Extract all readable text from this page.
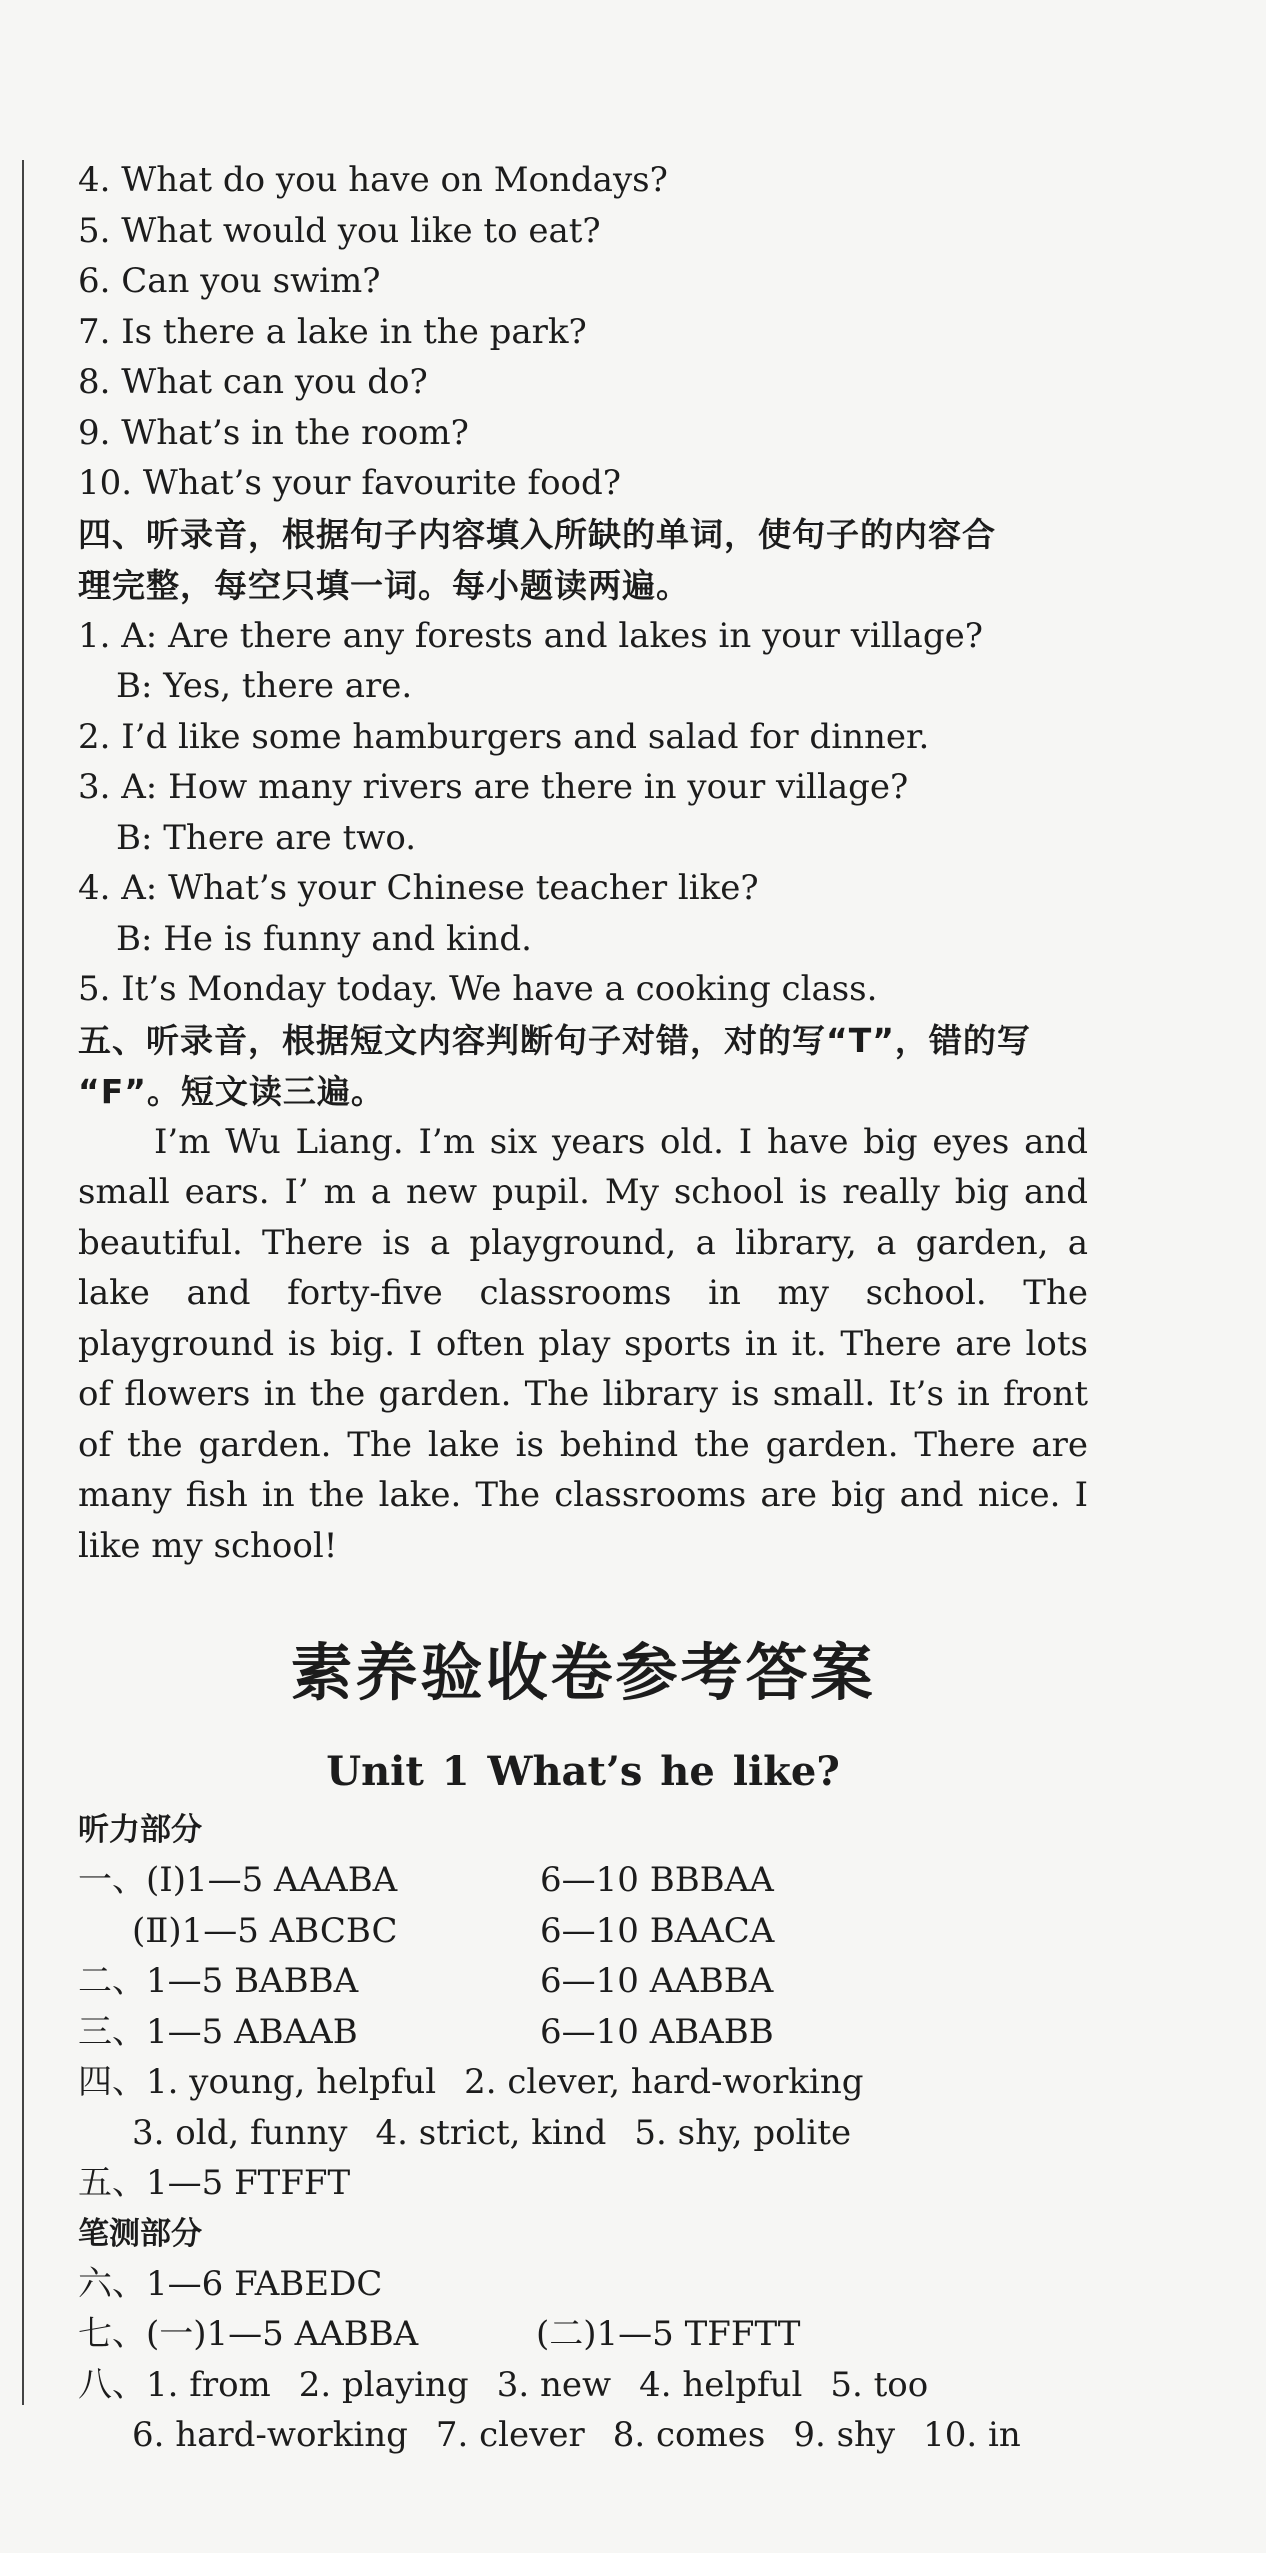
4. What do you have on Mondays?
5. What would you like to eat?
6. Can you swim?
7. Is there a lake in the park?
8. What can you do?
9. What’s in the room?
10. What’s your favourite food?
四、听录音，根据句子内容填入所缺的单词，使句子的内容合
理完整，每空只填一词。每小题读两遍。
1. A: Are there any forests and lakes in your village?
B: Yes, there are.
2. I’d like some hamburgers and salad for dinner.
3. A: How many rivers are there in your village?
B: There are two.
4. A: What’s your Chinese teacher like?
B: He is funny and kind.
5. It’s Monday today. We have a cooking class.
五、听录音，根据短文内容判断句子对错，对的写“T”，错的写
“F”。短文读三遍。
I’m Wu Liang. I’m six years old. I have big eyes and small ears. I’ m a new pupil. My school is really big and beautiful. There is a playground, a library, a garden, a lake and forty-five classrooms in my school. The playground is big. I often play sports in it. There are lots of flowers in the garden. The library is small. It’s in front of the garden. The lake is behind the garden. There are many fish in the lake. The classrooms are big and nice. I like my school!
素养验收卷参考答案
Unit 1 What’s he like?
听力部分
一、(Ⅰ)1—5 AAABA	6—10 BBBAA
(Ⅱ)1—5 ABCBC	6—10 BAACA
二、1—5 BABBA	6—10 AABBA
三、1—5 ABAAB	6—10 ABABB
四、1. young, helpful 2. clever, hard-working
3. old, funny 4. strict, kind 5. shy, polite
五、1—5 FTFFT
笔测部分
六、1—6 FABEDC
七、(一)1—5 AABBA	(二)1—5 TFFTT
八、1. from 2. playing 3. new 4. helpful 5. too
6. hard-working 7. clever 8. comes 9. shy 10. in
